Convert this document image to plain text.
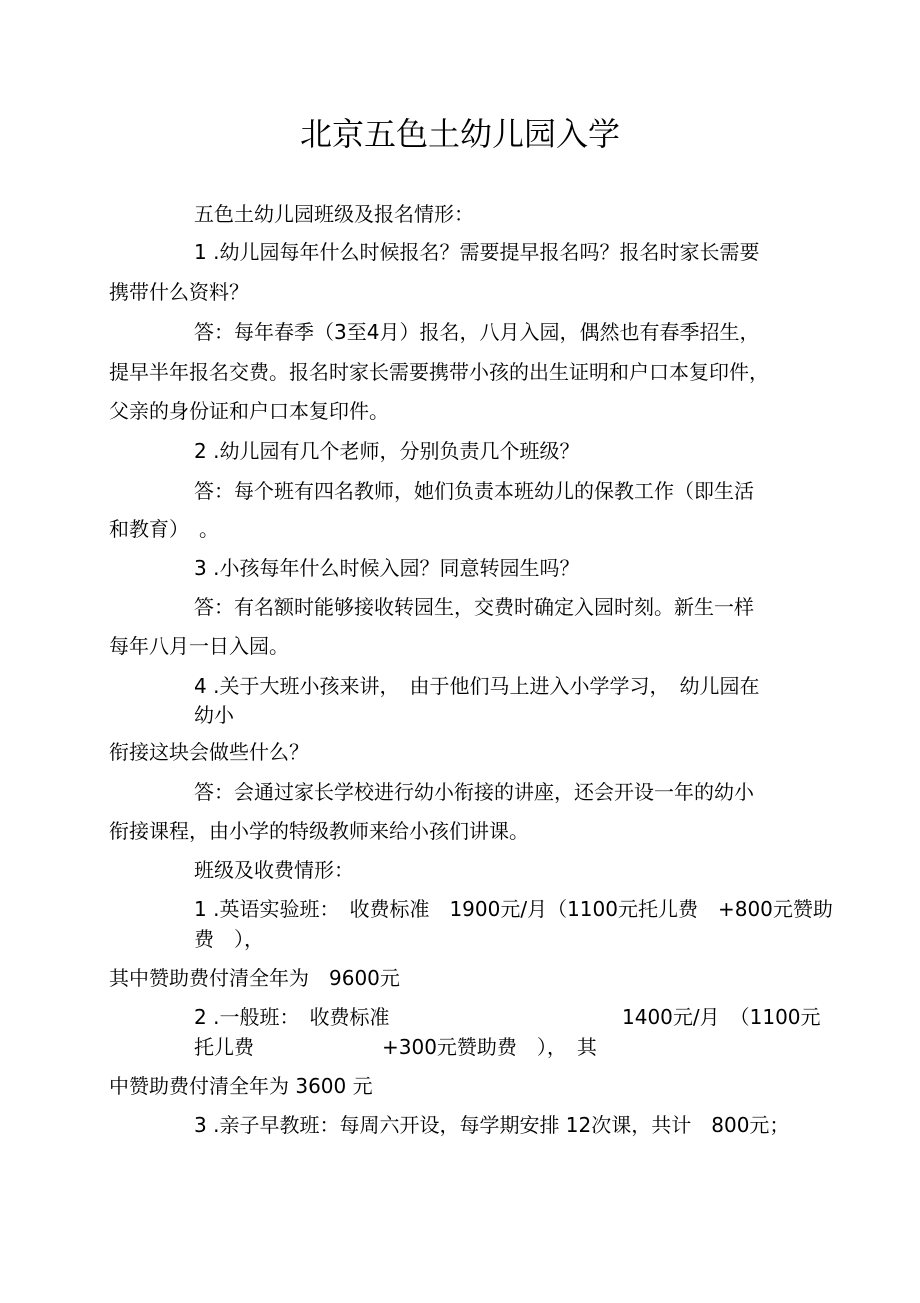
北京五色土幼儿园入学
五色土幼儿园班级及报名情形：
1 .幼儿园每年什么时候报名？需要提早报名吗？报名时家长需要
携带什么资料？
答：每年春季（3至4月）报名，八月入园，偶然也有春季招生，
提早半年报名交费。报名时家长需要携带小孩的出生证明和户口本复印件，
父亲的身份证和户口本复印件。
2 .幼儿园有几个老师，分别负责几个班级？
答：每个班有四名教师，她们负责本班幼儿的保教工作（即生活
和教育）　。
3 .小孩每年什么时候入园？同意转园生吗？
答：有名额时能够接收转园生，交费时确定入园时刻。新生一样
每年八月一日入园。
4 .关于大班小孩来讲，　由于他们马上进入小学学习，　幼儿园在
幼小
衔接这块会做些什么？
答：会通过家长学校进行幼小衔接的讲座，还会开设一年的幼小
衔接课程，由小学的特级教师来给小孩们讲课。
班级及收费情形：
1 .英语实验班：　收费标准　1900元/月（1100元托儿费　+800元赞助
费　），
其中赞助费付清全年为　9600元
2 .一般班：　收费标准	1400元/月　（1100元
托儿费	+300元赞助费　），　其
中赞助费付清全年为 3600 元
3 .亲子早教班：每周六开设，每学期安排 12次课，共计　800元；
